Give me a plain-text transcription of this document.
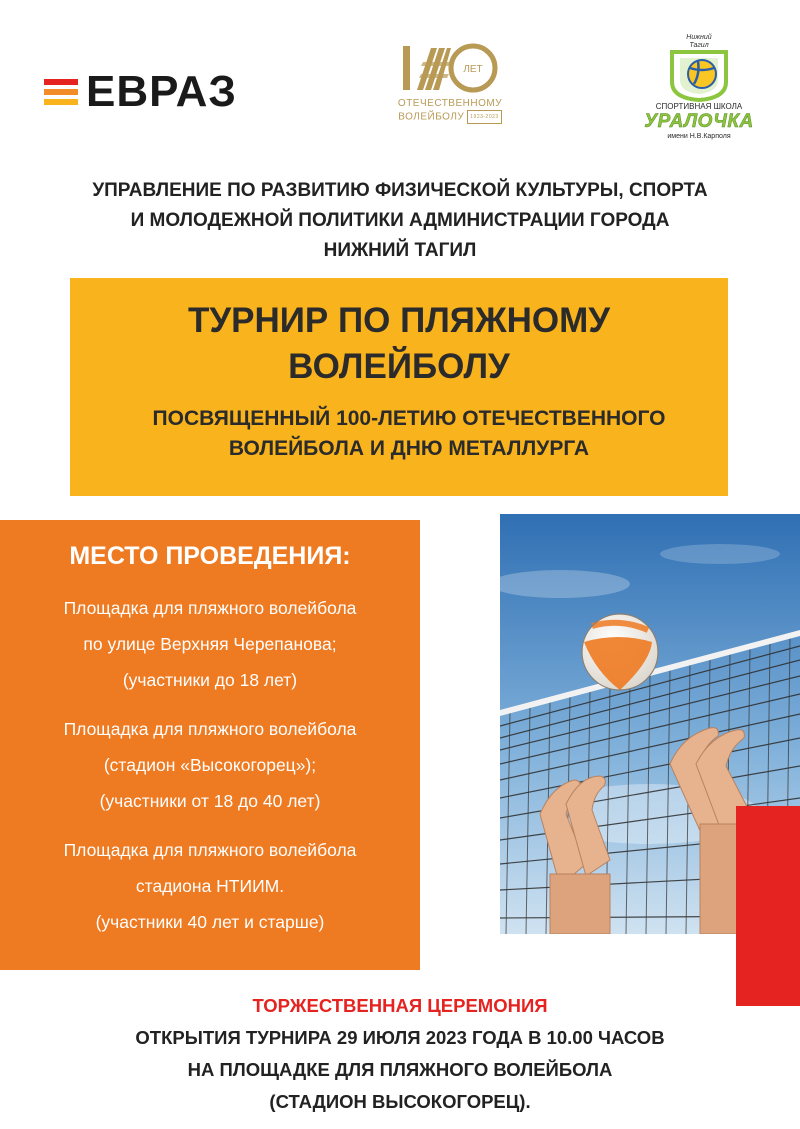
ЕВРАЗ	ЛЕТ
ОТЕЧЕСТВЕННОМУ
ВОЛЕЙБОЛУ 1923-2023
Нижний
Тагил
СПОРТИВНАЯ ШКОЛА
УРАЛОЧКА
имени Н.В.Карполя
УПРАВЛЕНИЕ ПО РАЗВИТИЮ ФИЗИЧЕСКОЙ КУЛЬТУРЫ, СПОРТА
И МОЛОДЕЖНОЙ ПОЛИТИКИ АДМИНИСТРАЦИИ ГОРОДА
НИЖНИЙ ТАГИЛ
ТУРНИР ПО ПЛЯЖНОМУ
ВОЛЕЙБОЛУ
ПОСВЯЩЕННЫЙ 100-ЛЕТИЮ ОТЕЧЕСТВЕННОГО
ВОЛЕЙБОЛА И ДНЮ МЕТАЛЛУРГА
МЕСТО ПРОВЕДЕНИЯ:
Площадка для пляжного волейбола
по улице Верхняя Черепанова;
(участники до 18 лет)
Площадка для пляжного волейбола
(стадион «Высокогорец»);
(участники от 18 до 40 лет)
Площадка для пляжного волейбола
стадиона НТИИМ.
(участники 40 лет и старше)
ТОРЖЕСТВЕННАЯ ЦЕРЕМОНИЯ
ОТКРЫТИЯ ТУРНИРА 29 ИЮЛЯ 2023 ГОДА В 10.00 ЧАСОВ
НА ПЛОЩАДКЕ ДЛЯ ПЛЯЖНОГО ВОЛЕЙБОЛА
(СТАДИОН ВЫСОКОГОРЕЦ).
